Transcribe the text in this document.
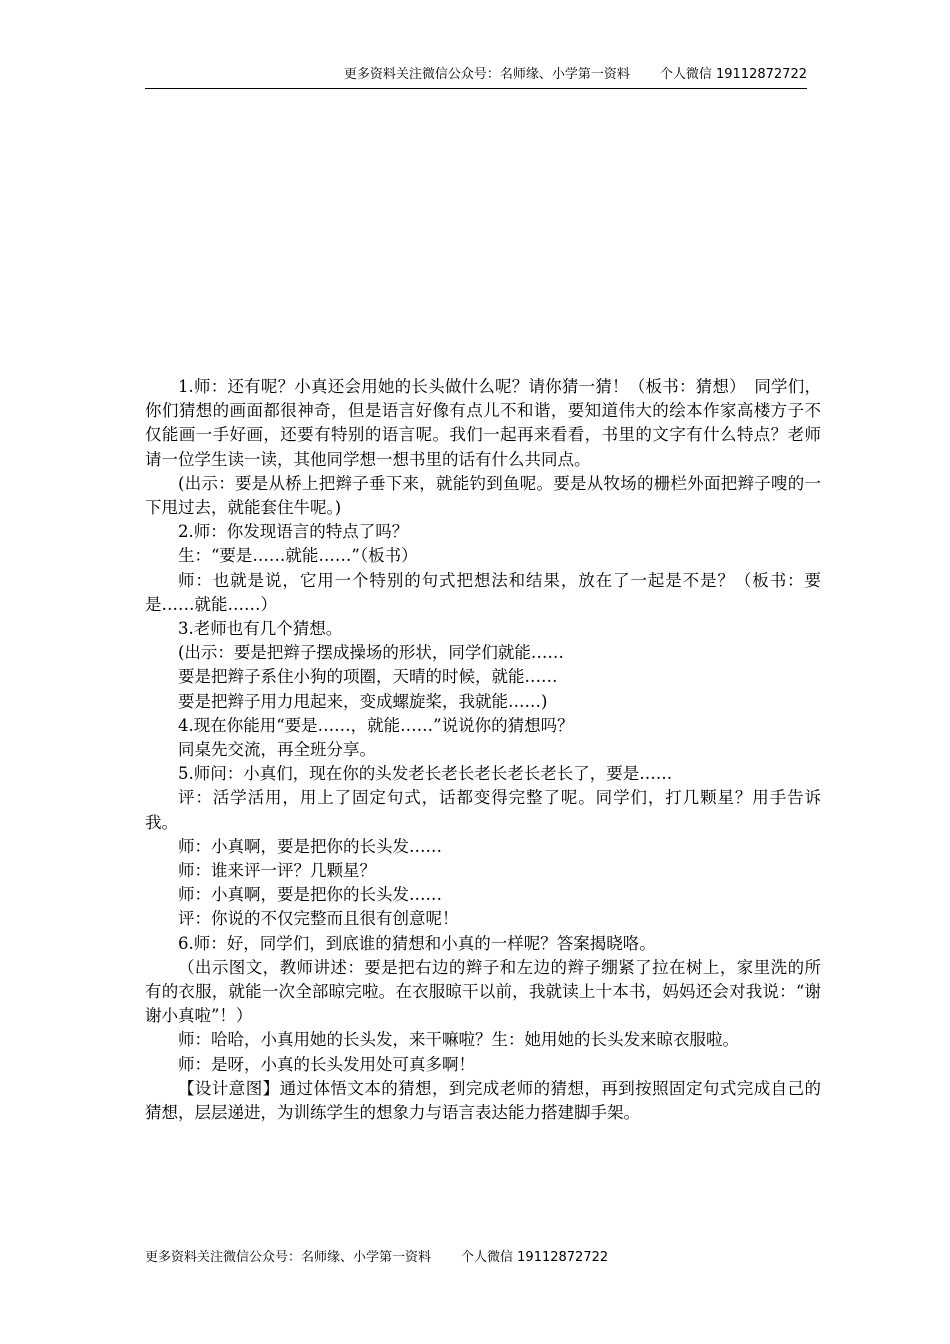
更多资料关注微信公众号：名师缘、小学第一资料 个人微信 19112872722

1.师：还有呢？小真还会用她的长头做什么呢？请你猜一猜！（板书：猜想）　同学们，你们猜想的画面都很神奇，但是语言好像有点儿不和谐，要知道伟大的绘本作家高楼方子不仅能画一手好画，还要有特别的语言呢。我们一起再来看看，书里的文字有什么特点？老师请一位学生读一读，其他同学想一想书里的话有什么共同点。

(出示：要是从桥上把辫子垂下来，就能钓到鱼呢。要是从牧场的栅栏外面把辫子嗖的一下甩过去，就能套住牛呢。)

2.师：你发现语言的特点了吗？

生：“要是……就能……”（板书）

师：也就是说，它用一个特别的句式把想法和结果，放在了一起是不是？（板书：要是……就能……）

3.老师也有几个猜想。

(出示：要是把辫子摆成操场的形状，同学们就能……

要是把辫子系住小狗的项圈，天晴的时候，就能……

要是把辫子用力甩起来，变成螺旋桨，我就能……)

4.现在你能用“要是……，就能……”说说你的猜想吗？

同桌先交流，再全班分享。

5.师问：小真们，现在你的头发老长老长老长老长老长了，要是……

评：活学活用，用上了固定句式，话都变得完整了呢。同学们，打几颗星？用手告诉我。

师：小真啊，要是把你的长头发……

师：谁来评一评？几颗星？

师：小真啊，要是把你的长头发……

评：你说的不仅完整而且很有创意呢！

6.师：好，同学们，到底谁的猜想和小真的一样呢？答案揭晓咯。

（出示图文，教师讲述：要是把右边的辫子和左边的辫子绷紧了拉在树上，家里洗的所有的衣服，就能一次全部晾完啦。在衣服晾干以前，我就读上十本书，妈妈还会对我说：“谢谢小真啦”！）

师：哈哈，小真用她的长头发，来干嘛啦？生：她用她的长头发来晾衣服啦。

师：是呀，小真的长头发用处可真多啊！

【设计意图】通过体悟文本的猜想，到完成老师的猜想，再到按照固定句式完成自己的猜想，层层递进，为训练学生的想象力与语言表达能力搭建脚手架。

更多资料关注微信公众号：名师缘、小学第一资料 个人微信 19112872722
